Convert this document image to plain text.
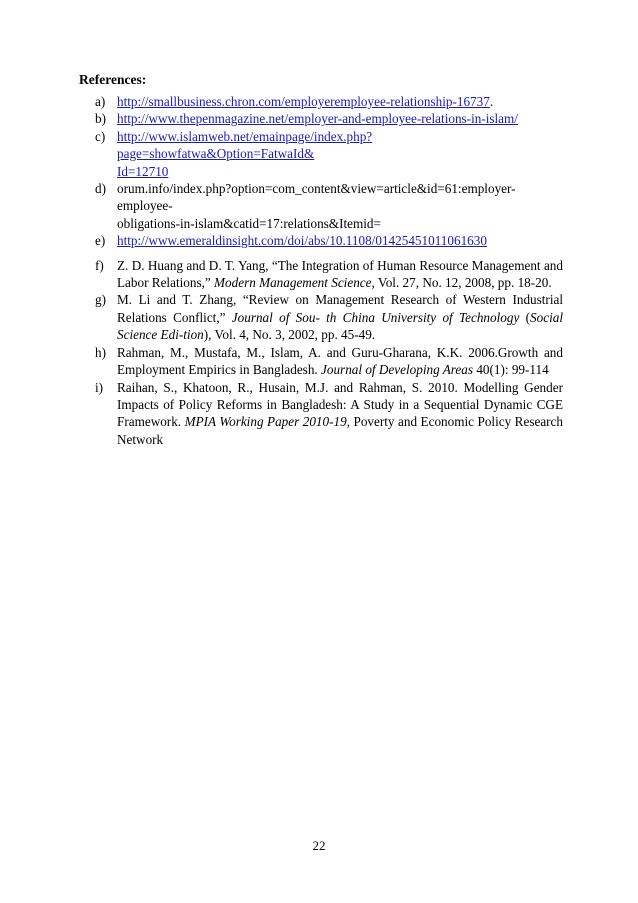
References:
a) http://smallbusiness.chron.com/employeremployee-relationship-16737.
b) http://www.thepenmagazine.net/employer-and-employee-relations-in-islam/
c) http://www.islamweb.net/emainpage/index.php?page=showfatwa&Option=FatwaId&
Id=12710
d) orum.info/index.php?option=com_content&view=article&id=61:employer-employee-
obligations-in-islam&catid=17:relations&Itemid=
e) http://www.emeraldinsight.com/doi/abs/10.1108/01425451011061630
f) Z. D. Huang and D. T. Yang, “The Integration of Human Resource Management and Labor Relations,” Modern Management Science, Vol. 27, No. 12, 2008, pp. 18-20.
g) M. Li and T. Zhang, “Review on Management Research of Western Industrial Relations Conflict,” Journal of Sou- th China University of Technology (Social Science Edi-tion), Vol. 4, No. 3, 2002, pp. 45-49.
h) Rahman, M., Mustafa, M., Islam, A. and Guru-Gharana, K.K. 2006.Growth and Employment Empirics in Bangladesh. Journal of Developing Areas 40(1): 99-114
i) Raihan, S., Khatoon, R., Husain, M.J. and Rahman, S. 2010. Modelling Gender Impacts of Policy Reforms in Bangladesh: A Study in a Sequential Dynamic CGE Framework. MPIA Working Paper 2010-19, Poverty and Economic Policy Research Network
22
